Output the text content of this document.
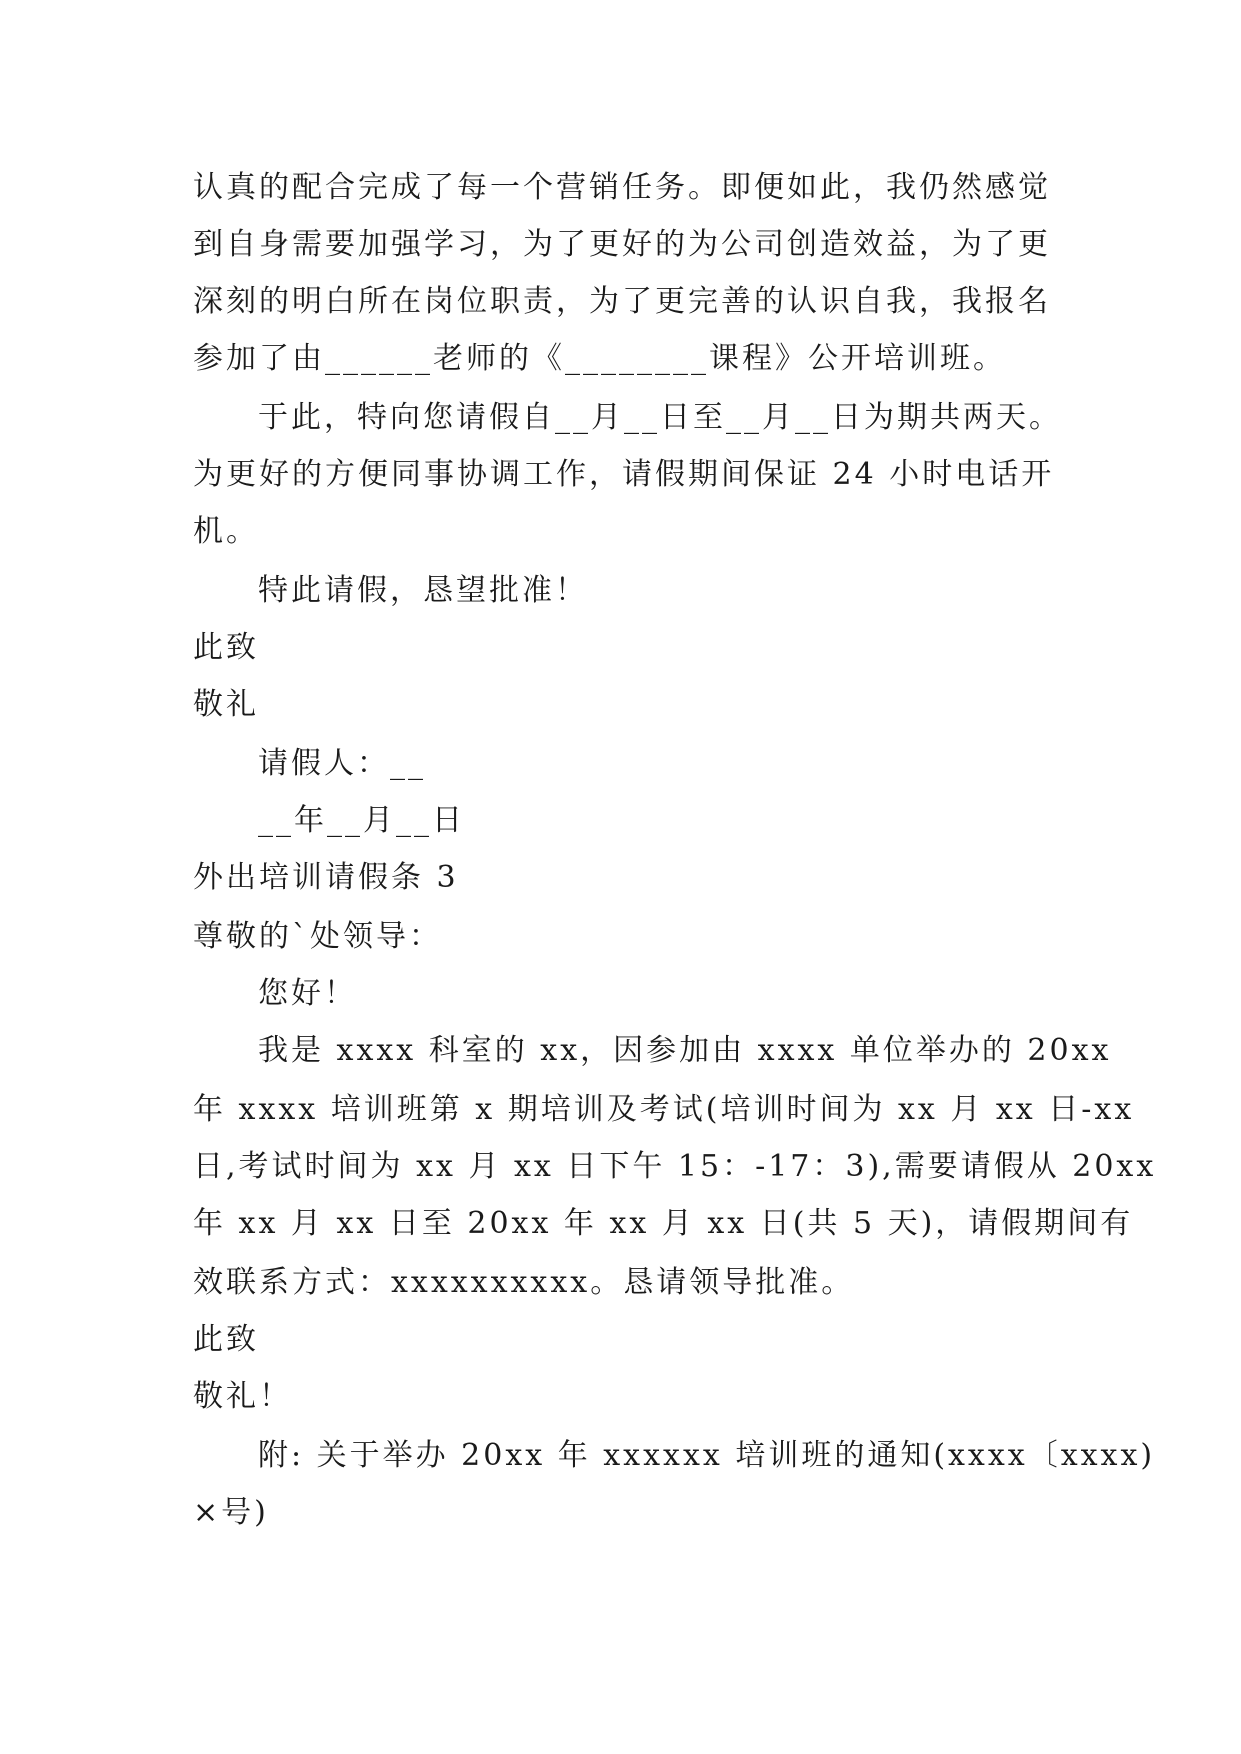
认真的配合完成了每一个营销任务。即便如此，我仍然感觉
到自身需要加强学习，为了更好的为公司创造效益，为了更
深刻的明白所在岗位职责，为了更完善的认识自我，我报名
参加了由______老师的《________课程》公开培训班。
于此，特向您请假自__月__日至__月__日为期共两天。
为更好的方便同事协调工作，请假期间保证 24 小时电话开
机。
特此请假，恳望批准！
此致
敬礼
请假人：__
__年__月__日
外出培训请假条 3
尊敬的`处领导：
您好！
我是 xxxx 科室的 xx，因参加由 xxxx 单位举办的 20xx
年 xxxx 培训班第 x 期培训及考试(培训时间为 xx 月 xx 日-xx
日,考试时间为 xx 月 xx 日下午 15：-17：3),需要请假从 20xx
年 xx 月 xx 日至 20xx 年 xx 月 xx 日(共 5 天)，请假期间有
效联系方式：xxxxxxxxxx。恳请领导批准。
此致
敬礼！
附: 关于举办 20xx 年 xxxxxx 培训班的通知(xxxx〔xxxx)
×号)
